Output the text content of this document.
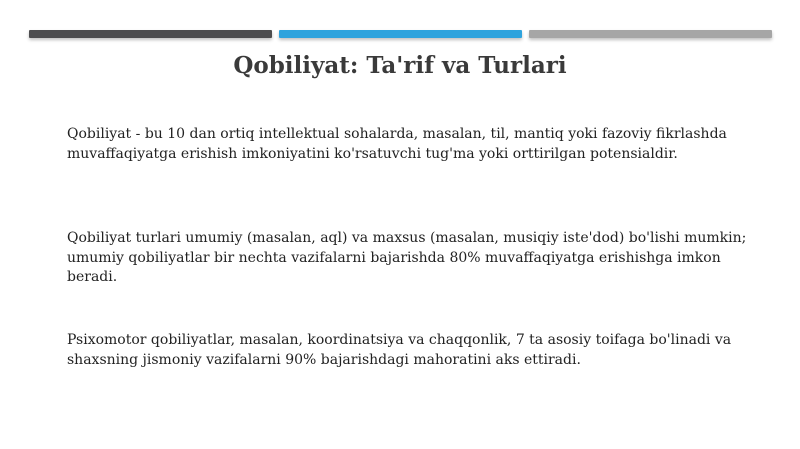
Qobiliyat: Ta'rif va Turlari

Qobiliyat - bu 10 dan ortiq intellektual sohalarda, masalan, til, mantiq yoki fazoviy fikrlashda muvaffaqiyatga erishish imkoniyatini ko'rsatuvchi tug'ma yoki orttirilgan potensialdir.

Qobiliyat turlari umumiy (masalan, aql) va maxsus (masalan, musiqiy iste'dod) bo'lishi mumkin; umumiy qobiliyatlar bir nechta vazifalarni bajarishda 80% muvaffaqiyatga erishishga imkon beradi.

Psixomotor qobiliyatlar, masalan, koordinatsiya va chaqqonlik, 7 ta asosiy toifaga bo'linadi va shaxsning jismoniy vazifalarni 90% bajarishdagi mahoratini aks ettiradi.
